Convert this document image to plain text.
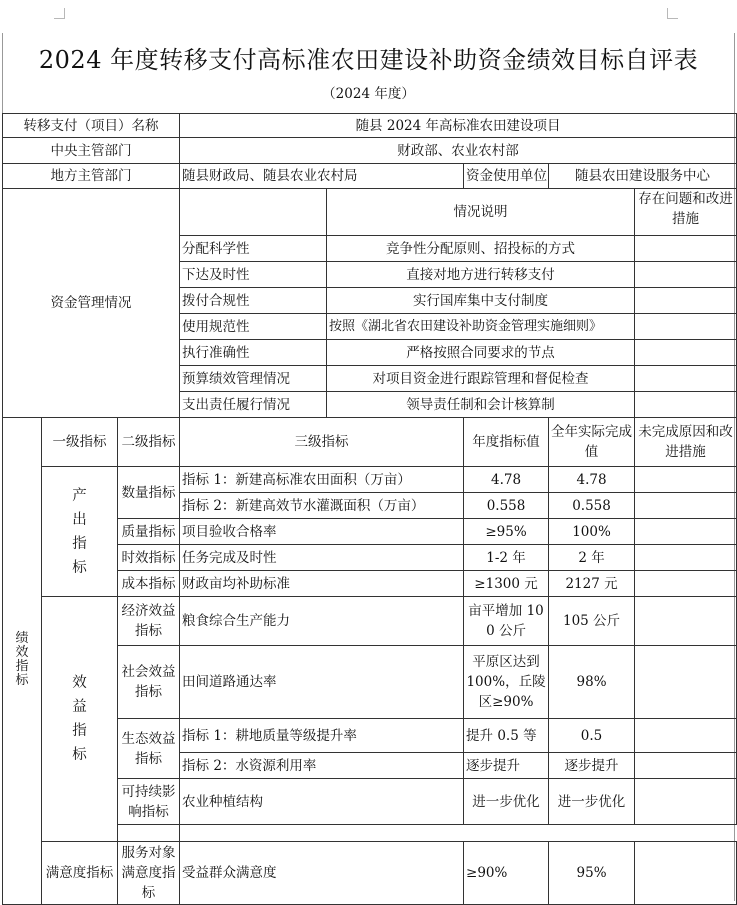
2024 年度转移支付高标准农田建设补助资金绩效目标自评表
（2024 年度）
转移支付（项目）名称			随县 2024 年高标准农田建设项目				
中央主管部门			财政部、农业农村部				
地方主管部门			随县财政局、随县农业农村局		资金使用单位	随县农田建设服务中心	
资金管理情况				情况说明			存在问题和改进措施
			分配科学性	竞争性分配原则、招投标的方式			
			下达及时性	直接对地方进行转移支付			
			拨付合规性	实行国库集中支付制度			
			使用规范性	按照《湖北省农田建设补助资金管理实施细则》			
			执行准确性	严格按照合同要求的节点			
			预算绩效管理情况	对项目资金进行跟踪管理和督促检查			
			支出责任履行情况	领导责任制和会计核算制			
绩效指标	一级指标	二级指标	三级指标		年度指标值	全年实际完成值	未完成原因和改进措施
	产出指标	数量指标	指标 1：新建高标准农田面积（万亩）		4.78	4.78	
			指标 2：新建高效节水灌溉面积（万亩）		0.558	0.558	
		质量指标	项目验收合格率		≥95%	100%	
		时效指标	任务完成及时性		1-2 年	2 年	
		成本指标	财政亩均补助标准		≥1300 元	2127 元	
	效益指标	经济效益指标	粮食综合生产能力		亩平增加 100 公斤	105 公斤	
		社会效益指标	田间道路通达率		平原区达到 100%，丘陵区≥90%	98%	
		生态效益指标	指标 1：耕地质量等级提升率		提升 0.5 等	0.5	
			指标 2：水资源利用率		逐步提升	逐步提升	
		可持续影响指标	农业种植结构		进一步优化	进一步优化	

	满意度指标	服务对象满意度指标	受益群众满意度		≥90%	95%	
